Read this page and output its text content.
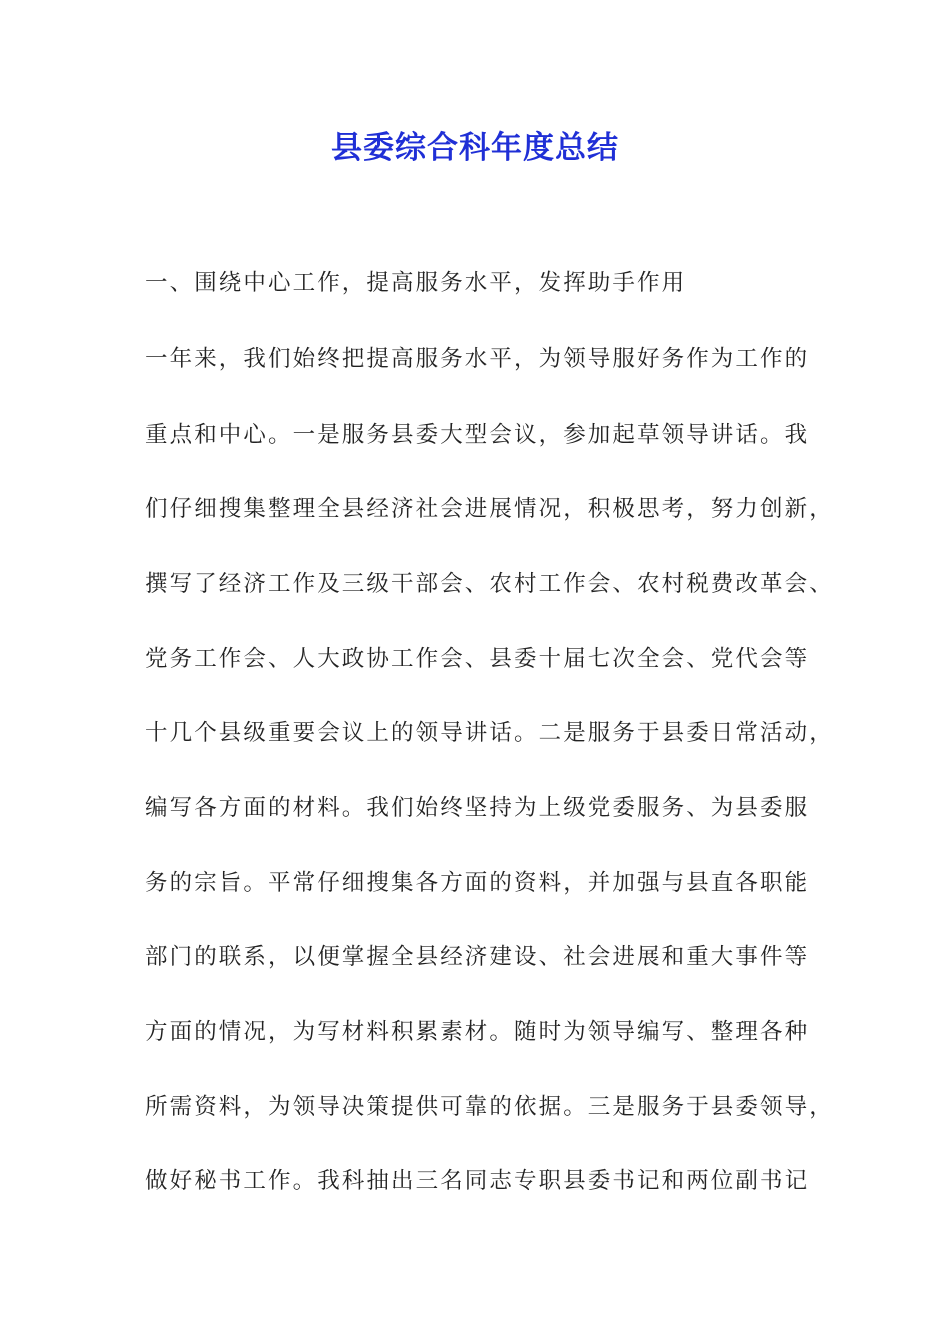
县委综合科年度总结
一、围绕中心工作，提高服务水平，发挥助手作用
一年来，我们始终把提高服务水平，为领导服好务作为工作的
重点和中心。一是服务县委大型会议，参加起草领导讲话。我
们仔细搜集整理全县经济社会进展情况，积极思考，努力创新，
撰写了经济工作及三级干部会、农村工作会、农村税费改革会、
党务工作会、人大政协工作会、县委十届七次全会、党代会等
十几个县级重要会议上的领导讲话。二是服务于县委日常活动，
编写各方面的材料。我们始终坚持为上级党委服务、为县委服
务的宗旨。平常仔细搜集各方面的资料，并加强与县直各职能
部门的联系，以便掌握全县经济建设、社会进展和重大事件等
方面的情况，为写材料积累素材。随时为领导编写、整理各种
所需资料，为领导决策提供可靠的依据。三是服务于县委领导，
做好秘书工作。我科抽出三名同志专职县委书记和两位副书记
